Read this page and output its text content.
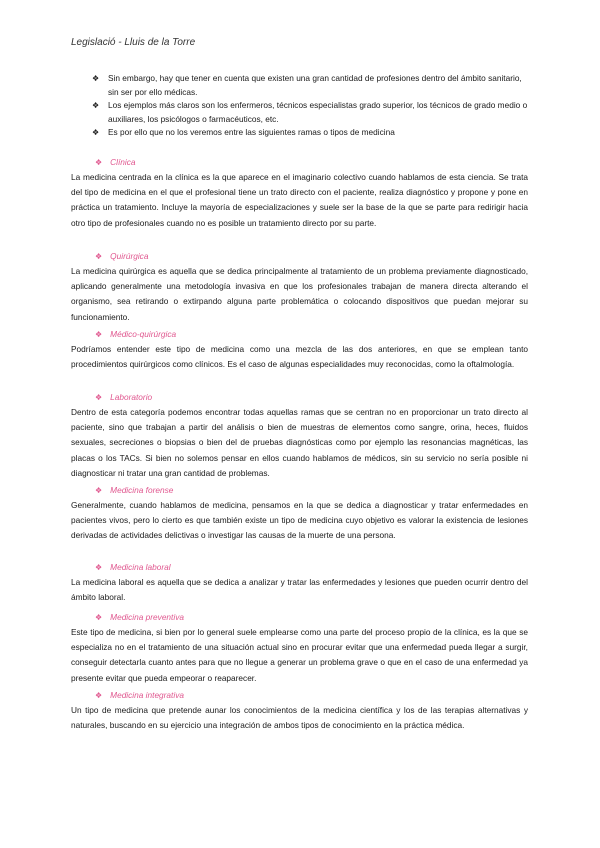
Legislació - Lluis de la Torre
❖ Sin embargo, hay que tener en cuenta que existen una gran cantidad de profesiones dentro del ámbito sanitario, sin ser por ello médicas.
❖ Los ejemplos más claros son los enfermeros, técnicos especialistas grado superior, los técnicos de grado medio o auxiliares, los psicólogos o farmacéuticos, etc.
❖ Es por ello que no los veremos entre las siguientes ramas o tipos de medicina
❖ Clínica

La medicina centrada en la clínica es la que aparece en el imaginario colectivo cuando hablamos de esta ciencia. Se trata del tipo de medicina en el que el profesional tiene un trato directo con el paciente, realiza diagnóstico y propone y pone en práctica un tratamiento. Incluye la mayoría de especializaciones y suele ser la base de la que se parte para redirigir hacia otro tipo de profesionales cuando no es posible un tratamiento directo por su parte.

❖ Quirúrgica

La medicina quirúrgica es aquella que se dedica principalmente al tratamiento de un problema previamente diagnosticado, aplicando generalmente una metodología invasiva en que los profesionales trabajan de manera directa alterando el organismo, sea retirando o extirpando alguna parte problemática o colocando dispositivos que puedan mejorar su funcionamiento.

❖ Médico-quirúrgica

Podríamos entender este tipo de medicina como una mezcla de las dos anteriores, en que se emplean tanto procedimientos quirúrgicos como clínicos. Es el caso de algunas especialidades muy reconocidas, como la oftalmología.

❖ Laboratorio

Dentro de esta categoría podemos encontrar todas aquellas ramas que se centran no en proporcionar un trato directo al paciente, sino que trabajan a partir del análisis o bien de muestras de elementos como sangre, orina, heces, fluidos sexuales, secreciones o biopsias o bien del de pruebas diagnósticas como por ejemplo las resonancias magnéticas, las placas o los TACs. Si bien no solemos pensar en ellos cuando hablamos de médicos, sin su servicio no sería posible ni diagnosticar ni tratar una gran cantidad de problemas.

❖ Medicina forense

Generalmente, cuando hablamos de medicina, pensamos en la que se dedica a diagnosticar y tratar enfermedades en pacientes vivos, pero lo cierto es que también existe un tipo de medicina cuyo objetivo es valorar la existencia de lesiones derivadas de actividades delictivas o investigar las causas de la muerte de una persona.

❖ Medicina laboral

La medicina laboral es aquella que se dedica a analizar y tratar las enfermedades y lesiones que pueden ocurrir dentro del ámbito laboral.

❖ Medicina preventiva

Este tipo de medicina, si bien por lo general suele emplearse como una parte del proceso propio de la clínica, es la que se especializa no en el tratamiento de una situación actual sino en procurar evitar que una enfermedad pueda llegar a surgir, conseguir detectarla cuanto antes para que no llegue a generar un problema grave o que en el caso de una enfermedad ya presente evitar que pueda empeorar o reaparecer.

❖ Medicina integrativa

Un tipo de medicina que pretende aunar los conocimientos de la medicina científica y los de las terapias alternativas y naturales, buscando en su ejercicio una integración de ambos tipos de conocimiento en la práctica médica.
